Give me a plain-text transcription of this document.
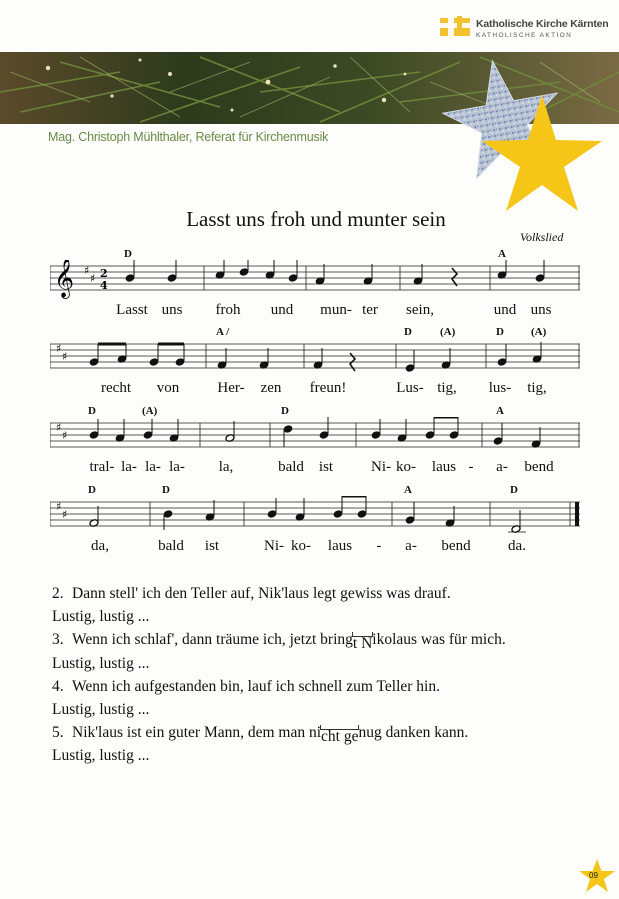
Katholische Kirche Kärnten
KATHOLISCHE AKTION
Mag. Christoph Mühlthaler, Referat für Kirchenmusik
Lasst uns froh und munter sein
Volkslied
D	A
𝄞 ♯
♯ 2
4
Lasst uns froh und mun- ter sein,	und uns
A /	D	(A)	D (A)
♯
♯
recht von	Her- zen freun!	Lus- tig, lus- tig,
D	(A)	D	A
♯
♯
tral- la- la- la- la,	bald ist	Ni- ko- laus - a- bend
D	D	A	D
♯
♯
da,	bald ist	Ni- ko- laus - a- bend da.

2. Dann stell' ich den Teller auf, Nik'laus legt gewiss was drauf.

Lustig, lustig ...

3. Wenn ich schlaf', dann träume ich, jetzt bringt Nikolaus was für mich.

Lustig, lustig ...

4. Wenn ich aufgestanden bin, lauf ich schnell zum Teller hin.

Lustig, lustig ...

5. Nik'laus ist ein guter Mann, dem man nicht genug danken kann.

Lustig, lustig ...

09
